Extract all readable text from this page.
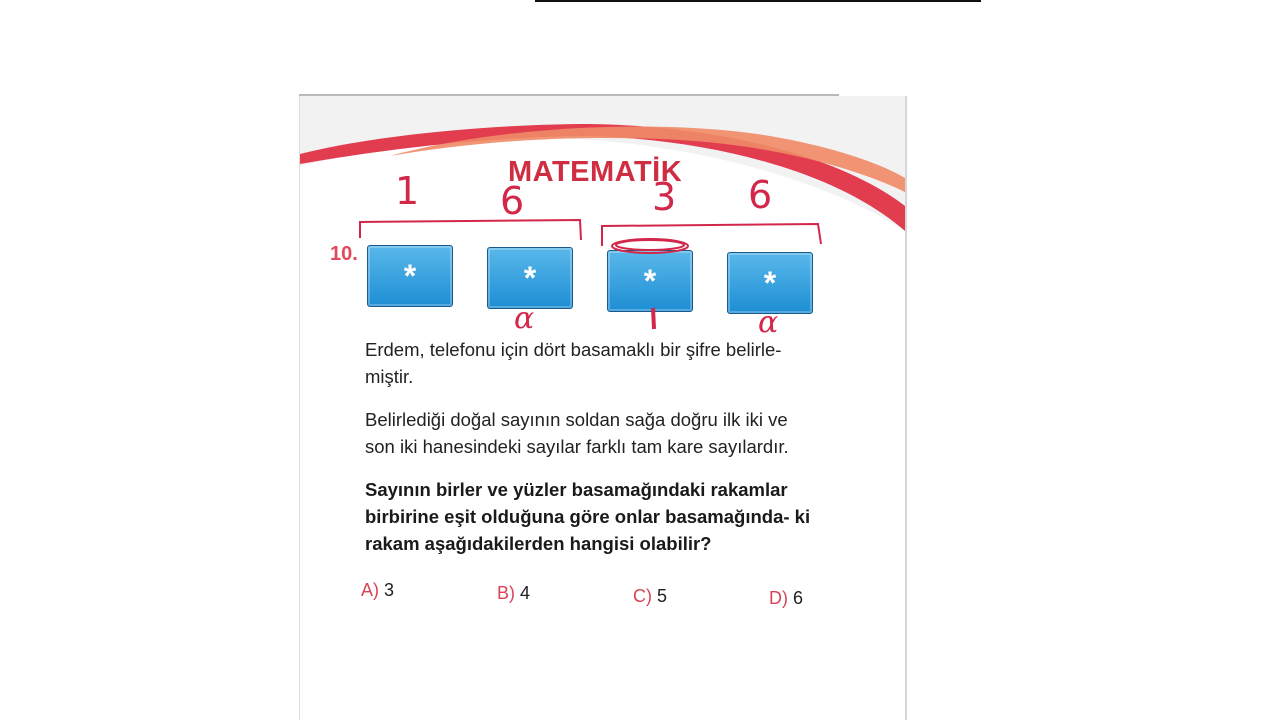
MATEMATİK
10.
*	*	*	*
1 6	3 6
α	α

Erdem, telefonu için dört basamaklı bir şifre belirle- miştir.

Belirlediği doğal sayının soldan sağa doğru ilk iki ve son iki hanesindeki sayılar farklı tam kare sayılardır.

Sayının birler ve yüzler basamağındaki rakamlar birbirine eşit olduğuna göre onlar basamağında- ki rakam aşağıdakilerden hangisi olabilir?

A) 3	B) 4	C) 5	D) 6
